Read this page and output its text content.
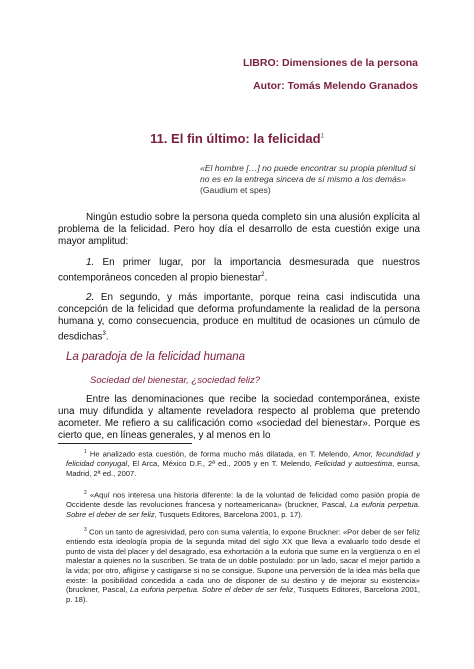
LIBRO: Dimensiones de la persona
Autor: Tomás Melendo Granados
11. El fin último: la felicidad$^1$
«El hombre […] no puede encontrar su propia plenitud si no es en la entrega sincera de sí mismo a los demás» (Gaudium et spes)

Ningún estudio sobre la persona queda completo sin una alusión explícita al problema de la felicidad. Pero hoy día el desarrollo de esta cuestión exige una mayor amplitud:

1. En primer lugar, por la importancia desmesurada que nuestros contemporáneos conceden al propio bienestar$^2$.

2. En segundo, y más importante, porque reina casi indiscutida una concepción de la felicidad que deforma profundamente la realidad de la persona humana y, como consecuencia, produce en multitud de ocasiones un cúmulo de desdichas$^3$.

La paradoja de la felicidad humana
Sociedad del bienestar, ¿sociedad feliz?

Entre las denominaciones que recibe la sociedad contemporánea, existe una muy difundida y altamente reveladora respecto al problema que pretendo acometer. Me refiero a su calificación como «sociedad del bienestar». Porque es cierto que, en líneas generales, y al menos en lo

$^1$ He analizado esta cuestión, de forma mucho más dilatada, en T. Melendo, Amor, fecundidad y felicidad conyugal, El Arca, México D.F., 2ª ed., 2005 y en T. Melendo, Felicidad y autoestima, eunsa, Madrid, 2ª ed., 2007.

$^2$ «Aquí nos interesa una historia diferente: la de la voluntad de felicidad como pasión propia de Occidente desde las revoluciones francesa y norteamericana» (bruckner, Pascal, La euforia perpetua. Sobre el deber de ser feliz, Tusquets Editores, Barcelona 2001, p. 17).

$^3$ Con un tanto de agresividad, pero con suma valentía, lo expone Bruckner: «Por deber de ser feliz entiendo esta ideología propia de la segunda mitad del siglo XX que lleva a evaluarlo todo desde el punto de vista del placer y del desagrado, esa exhortación a la euforia que sume en la vergüenza o en el malestar a quienes no la suscriben. Se trata de un doble postulado: por un lado, sacar el mejor partido a la vida; por otro, afligirse y castigarse si no se consigue. Supone una perversión de la idea más bella que existe: la posibilidad concedida a cada uno de disponer de su destino y de mejorar su existencia» (bruckner, Pascal, La euforia perpetua. Sobre el deber de ser feliz, Tusquets Editores, Barcelona 2001, p. 18).
